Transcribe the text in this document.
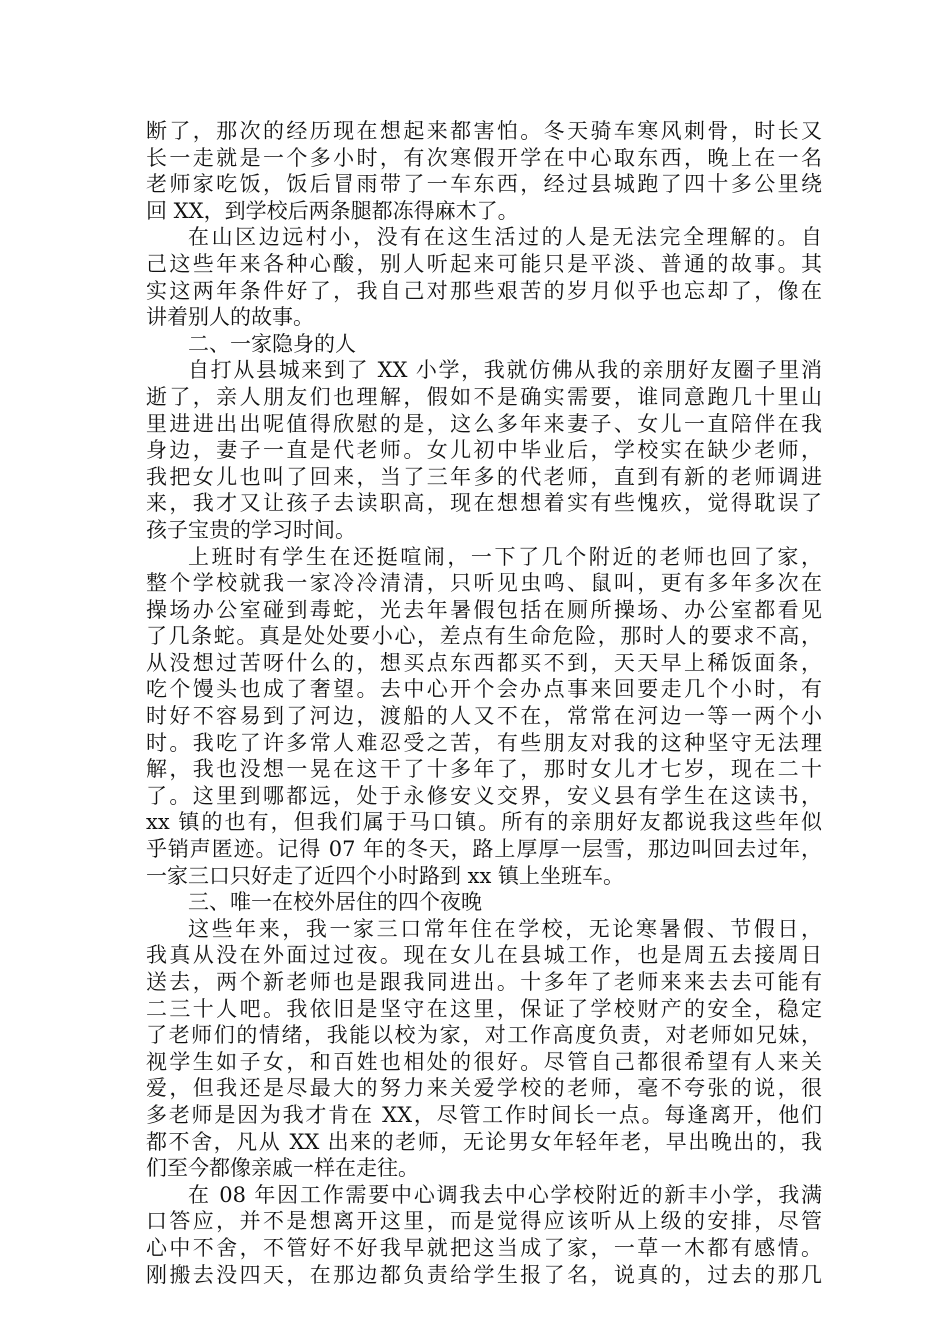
断了，那次的经历现在想起来都害怕。冬天骑车寒风刺骨，时长又
长一走就是一个多小时，有次寒假开学在中心取东西，晚上在一名
老师家吃饭，饭后冒雨带了一车东西，经过县城跑了四十多公里绕
回 XX，到学校后两条腿都冻得麻木了。
在山区边远村小，没有在这生活过的人是无法完全理解的。自
己这些年来各种心酸，别人听起来可能只是平淡、普通的故事。其
实这两年条件好了，我自己对那些艰苦的岁月似乎也忘却了，像在
讲着别人的故事。
二、一家隐身的人
自打从县城来到了 XX 小学，我就仿佛从我的亲朋好友圈子里消
逝了，亲人朋友们也理解，假如不是确实需要，谁同意跑几十里山
里进进出出呢值得欣慰的是，这么多年来妻子、女儿一直陪伴在我
身边，妻子一直是代老师。女儿初中毕业后，学校实在缺少老师，
我把女儿也叫了回来，当了三年多的代老师，直到有新的老师调进
来，我才又让孩子去读职高，现在想想着实有些愧疚，觉得耽误了
孩子宝贵的学习时间。
上班时有学生在还挺喧闹，一下了几个附近的老师也回了家，
整个学校就我一家冷冷清清，只听见虫鸣、鼠叫，更有多年多次在
操场办公室碰到毒蛇，光去年暑假包括在厕所操场、办公室都看见
了几条蛇。真是处处要小心，差点有生命危险，那时人的要求不高，
从没想过苦呀什么的，想买点东西都买不到，天天早上稀饭面条，
吃个馒头也成了奢望。去中心开个会办点事来回要走几个小时，有
时好不容易到了河边，渡船的人又不在，常常在河边一等一两个小
时。我吃了许多常人难忍受之苦，有些朋友对我的这种坚守无法理
解，我也没想一晃在这干了十多年了，那时女儿才七岁，现在二十
了。这里到哪都远，处于永修安义交界，安义县有学生在这读书，
xx 镇的也有，但我们属于马口镇。所有的亲朋好友都说我这些年似
乎销声匿迹。记得 07 年的冬天，路上厚厚一层雪，那边叫回去过年，
一家三口只好走了近四个小时路到 xx 镇上坐班车。
三、唯一在校外居住的四个夜晚
这些年来，我一家三口常年住在学校，无论寒暑假、节假日，
我真从没在外面过过夜。现在女儿在县城工作，也是周五去接周日
送去，两个新老师也是跟我同进出。十多年了老师来来去去可能有
二三十人吧。我依旧是坚守在这里，保证了学校财产的安全，稳定
了老师们的情绪，我能以校为家，对工作高度负责，对老师如兄妹，
视学生如子女，和百姓也相处的很好。尽管自己都很希望有人来关
爱，但我还是尽最大的努力来关爱学校的老师，毫不夸张的说，很
多老师是因为我才肯在 XX，尽管工作时间长一点。每逢离开，他们
都不舍，凡从 XX 出来的老师，无论男女年轻年老，早出晚出的，我
们至今都像亲戚一样在走往。
在 08 年因工作需要中心调我去中心学校附近的新丰小学，我满
口答应，并不是想离开这里，而是觉得应该听从上级的安排，尽管
心中不舍，不管好不好我早就把这当成了家，一草一木都有感情。
刚搬去没四天，在那边都负责给学生报了名，说真的，过去的那几
